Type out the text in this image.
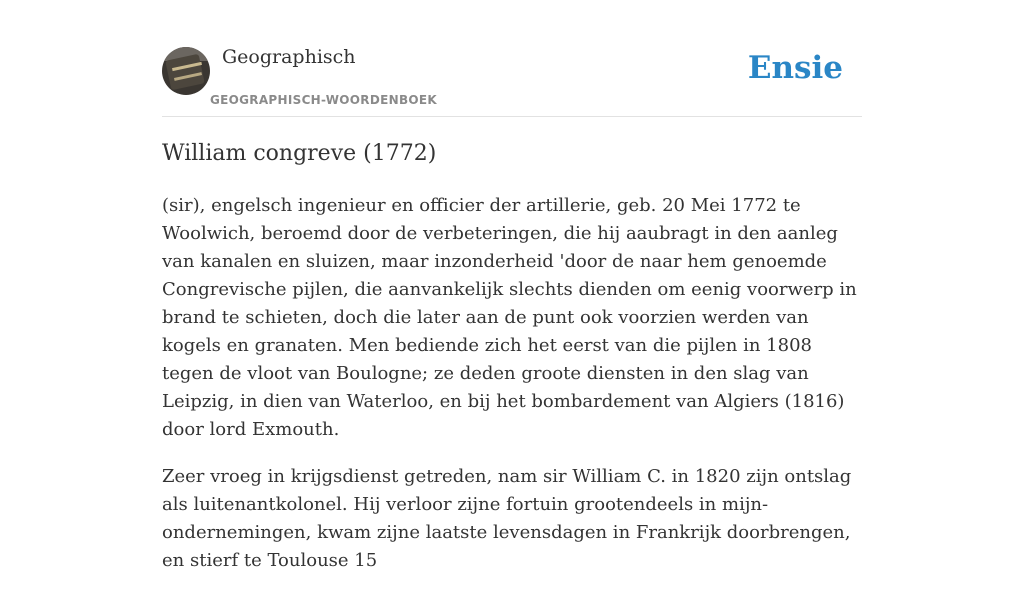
Geographisch
GEOGRAPHISCH-WOORDENBOEK
Ensie
William congreve (1772)

(sir), engelsch ingenieur en officier der artillerie, geb. 20 Mei 1772 te Woolwich, beroemd door de verbeteringen, die hij aaubragt in den aanleg van kanalen en sluizen, maar inzonderheid 'door de naar hem genoemde Congrevische pijlen, die aanvankelijk slechts dienden om eenig voorwerp in brand te schieten, doch die later aan de punt ook voorzien werden van kogels en granaten. Men bediende zich het eerst van die pijlen in 1808 tegen de vloot van Boulogne; ze deden groote diensten in den slag van Leipzig, in dien van Waterloo, en bij het bombardement van Algiers (1816) door lord Exmouth.

Zeer vroeg in krijgsdienst getreden, nam sir William C. in 1820 zijn ontslag als luitenantkolonel. Hij verloor zijne fortuin grootendeels in mijn-ondernemingen, kwam zijne laatste levensdagen in Frankrijk doorbrengen, en stierf te Toulouse 15
